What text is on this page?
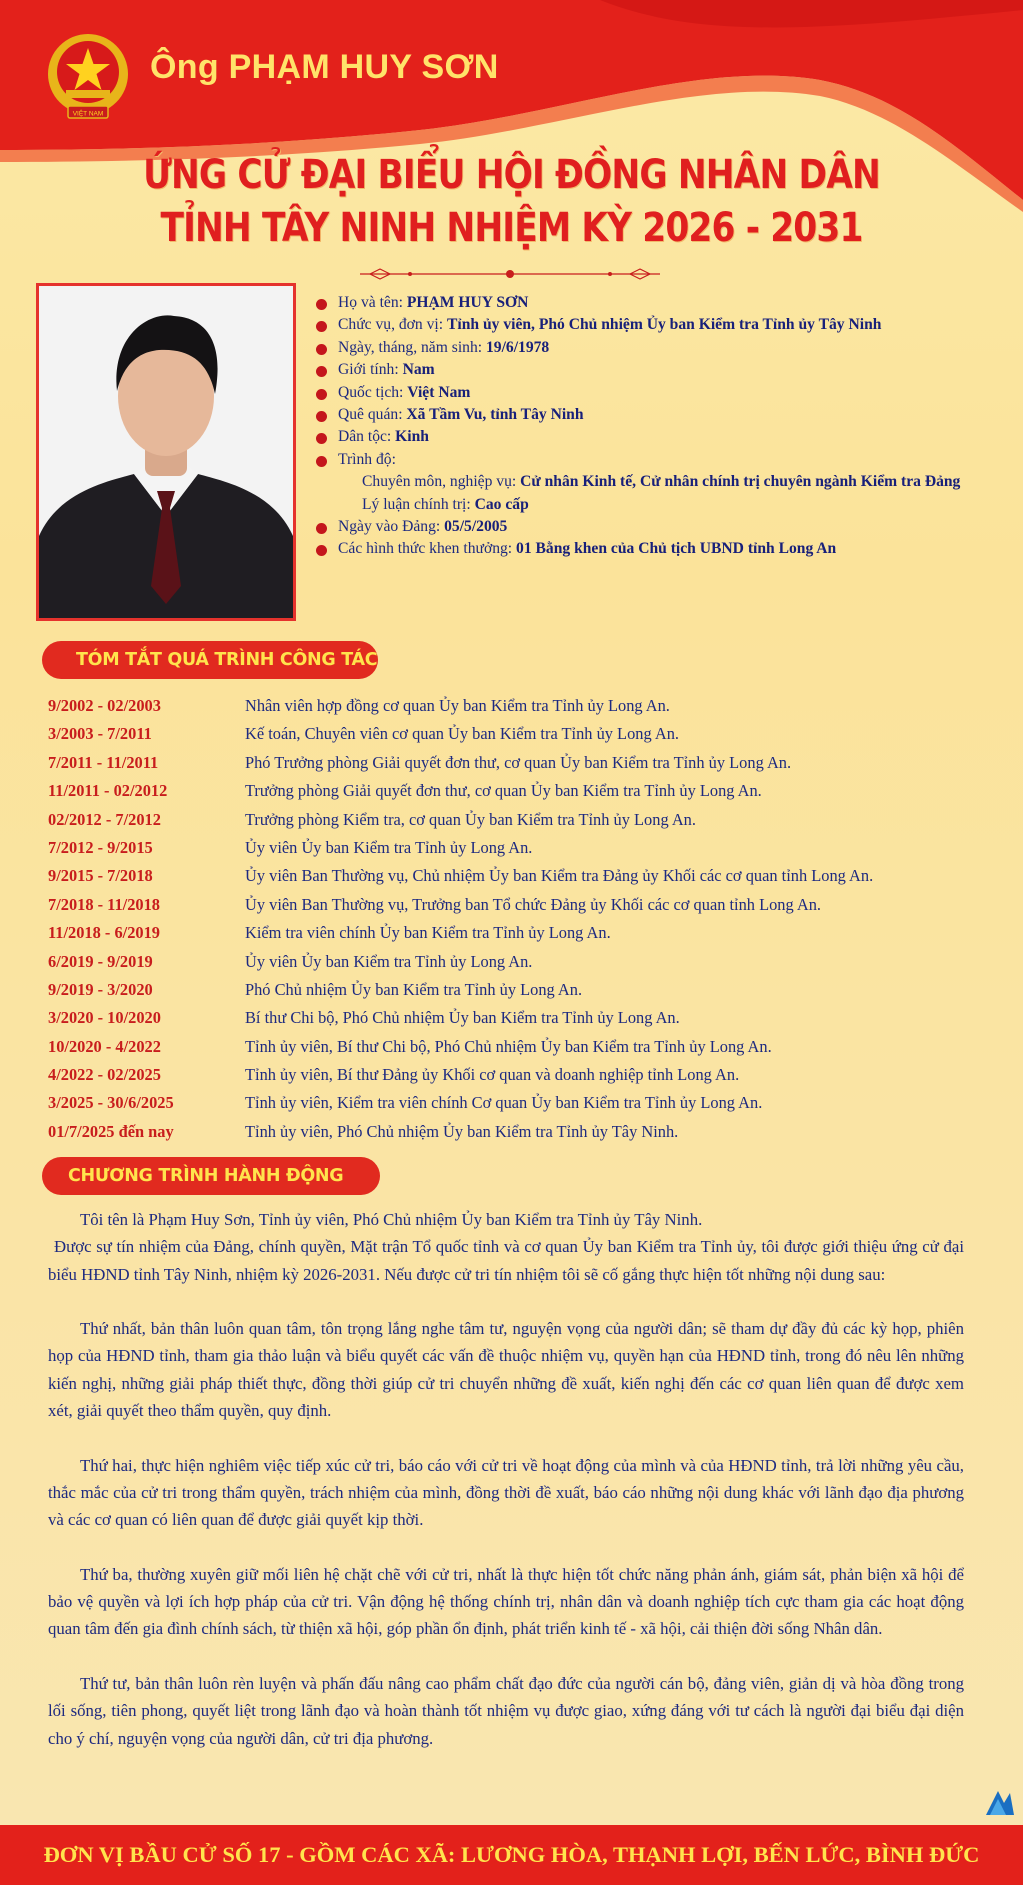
VIỆT NAM
Ông PHẠM HUY SƠN
ỨNG CỬ ĐẠI BIỂU HỘI ĐỒNG NHÂN DÂN
TỈNH TÂY NINH NHIỆM KỲ 2026 - 2031
Họ và tên: PHẠM HUY SƠN
Chức vụ, đơn vị: Tỉnh ủy viên, Phó Chủ nhiệm Ủy ban Kiểm tra Tỉnh ủy Tây Ninh
Ngày, tháng, năm sinh: 19/6/1978
Giới tính: Nam
Quốc tịch: Việt Nam
Quê quán: Xã Tầm Vu, tỉnh Tây Ninh
Dân tộc: Kinh
Trình độ:
Chuyên môn, nghiệp vụ: Cử nhân Kinh tế, Cử nhân chính trị chuyên ngành Kiểm tra Đảng
Lý luận chính trị: Cao cấp
Ngày vào Đảng: 05/5/2005
Các hình thức khen thưởng: 01 Bằng khen của Chủ tịch UBND tỉnh Long An
TÓM TẮT QUÁ TRÌNH CÔNG TÁC
9/2002 - 02/2003	Nhân viên hợp đồng cơ quan Ủy ban Kiểm tra Tỉnh ủy Long An.
3/2003 - 7/2011	Kế toán, Chuyên viên cơ quan Ủy ban Kiểm tra Tỉnh ủy Long An.
7/2011 - 11/2011	Phó Trưởng phòng Giải quyết đơn thư, cơ quan Ủy ban Kiểm tra Tỉnh ủy Long An.
11/2011 - 02/2012	Trưởng phòng Giải quyết đơn thư, cơ quan Ủy ban Kiểm tra Tỉnh ủy Long An.
02/2012 - 7/2012	Trưởng phòng Kiểm tra, cơ quan Ủy ban Kiểm tra Tỉnh ủy Long An.
7/2012 - 9/2015	Ủy viên Ủy ban Kiểm tra Tỉnh ủy Long An.
9/2015 - 7/2018	Ủy viên Ban Thường vụ, Chủ nhiệm Ủy ban Kiểm tra Đảng ủy Khối các cơ quan tỉnh Long An.
7/2018 - 11/2018	Ủy viên Ban Thường vụ, Trưởng ban Tổ chức Đảng ủy Khối các cơ quan tỉnh Long An.
11/2018 - 6/2019	Kiểm tra viên chính Ủy ban Kiểm tra Tỉnh ủy Long An.
6/2019 - 9/2019	Ủy viên Ủy ban Kiểm tra Tỉnh ủy Long An.
9/2019 - 3/2020	Phó Chủ nhiệm Ủy ban Kiểm tra Tỉnh ủy Long An.
3/2020 - 10/2020	Bí thư Chi bộ, Phó Chủ nhiệm Ủy ban Kiểm tra Tỉnh ủy Long An.
10/2020 - 4/2022	Tỉnh ủy viên, Bí thư Chi bộ, Phó Chủ nhiệm Ủy ban Kiểm tra Tỉnh ủy Long An.
4/2022 - 02/2025	Tỉnh ủy viên, Bí thư Đảng ủy Khối cơ quan và doanh nghiệp tỉnh Long An.
3/2025 - 30/6/2025	Tỉnh ủy viên, Kiểm tra viên chính Cơ quan Ủy ban Kiểm tra Tỉnh ủy Long An.
01/7/2025 đến nay	Tỉnh ủy viên, Phó Chủ nhiệm Ủy ban Kiểm tra Tỉnh ủy Tây Ninh.
CHƯƠNG TRÌNH HÀNH ĐỘNG

Tôi tên là Phạm Huy Sơn, Tỉnh ủy viên, Phó Chủ nhiệm Ủy ban Kiểm tra Tỉnh ủy Tây Ninh.

Được sự tín nhiệm của Đảng, chính quyền, Mặt trận Tổ quốc tỉnh và cơ quan Ủy ban Kiểm tra Tỉnh ủy, tôi được giới thiệu ứng cử đại biểu HĐND tỉnh Tây Ninh, nhiệm kỳ 2026-2031. Nếu được cử tri tín nhiệm tôi sẽ cố gắng thực hiện tốt những nội dung sau:

Thứ nhất, bản thân luôn quan tâm, tôn trọng lắng nghe tâm tư, nguyện vọng của người dân; sẽ tham dự đầy đủ các kỳ họp, phiên họp của HĐND tỉnh, tham gia thảo luận và biểu quyết các vấn đề thuộc nhiệm vụ, quyền hạn của HĐND tỉnh, trong đó nêu lên những kiến nghị, những giải pháp thiết thực, đồng thời giúp cử tri chuyển những đề xuất, kiến nghị đến các cơ quan liên quan để được xem xét, giải quyết theo thẩm quyền, quy định.

Thứ hai, thực hiện nghiêm việc tiếp xúc cử tri, báo cáo với cử tri về hoạt động của mình và của HĐND tỉnh, trả lời những yêu cầu, thắc mắc của cử tri trong thẩm quyền, trách nhiệm của mình, đồng thời đề xuất, báo cáo những nội dung khác với lãnh đạo địa phương và các cơ quan có liên quan để được giải quyết kịp thời.

Thứ ba, thường xuyên giữ mối liên hệ chặt chẽ với cử tri, nhất là thực hiện tốt chức năng phản ánh, giám sát, phản biện xã hội để bảo vệ quyền và lợi ích hợp pháp của cử tri. Vận động hệ thống chính trị, nhân dân và doanh nghiệp tích cực tham gia các hoạt động quan tâm đến gia đình chính sách, từ thiện xã hội, góp phần ổn định, phát triển kinh tế - xã hội, cải thiện đời sống Nhân dân.

Thứ tư, bản thân luôn rèn luyện và phấn đấu nâng cao phẩm chất đạo đức của người cán bộ, đảng viên, giản dị và hòa đồng trong lối sống, tiên phong, quyết liệt trong lãnh đạo và hoàn thành tốt nhiệm vụ được giao, xứng đáng với tư cách là người đại biểu đại diện cho ý chí, nguyện vọng của người dân, cử tri địa phương.

ĐƠN VỊ BẦU CỬ SỐ 17 - GỒM CÁC XÃ: LƯƠNG HÒA, THẠNH LỢI, BẾN LỨC, BÌNH ĐỨC
